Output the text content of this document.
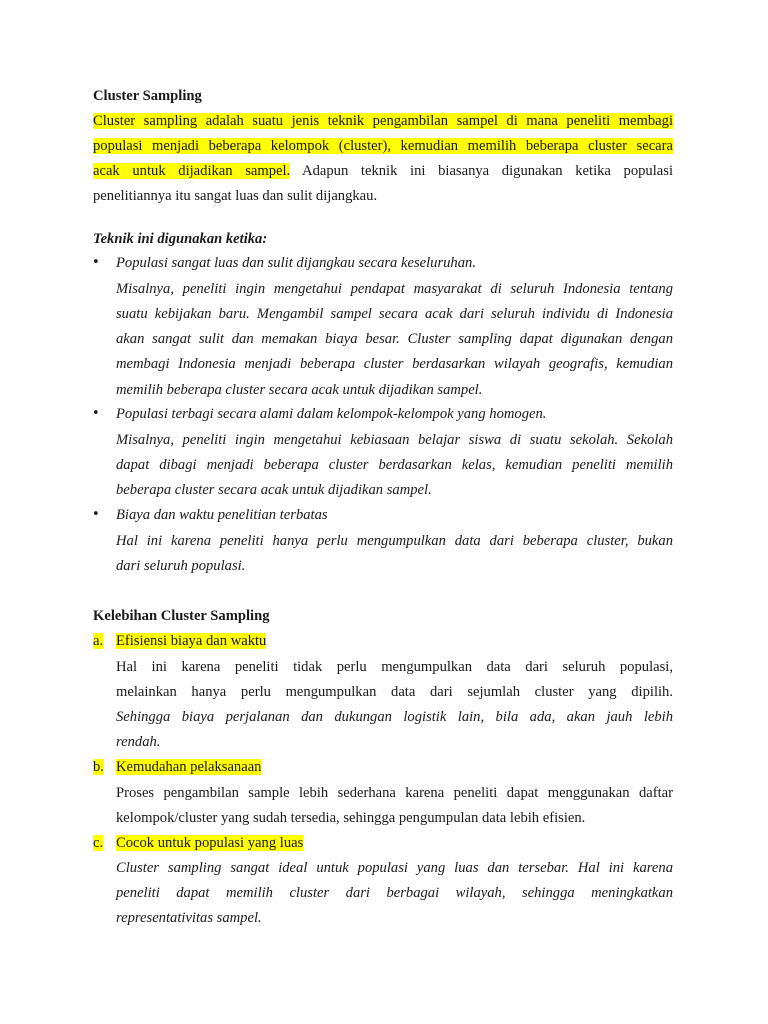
Cluster Sampling
Cluster sampling adalah suatu jenis teknik pengambilan sampel di mana peneliti membagi
populasi menjadi beberapa kelompok (cluster), kemudian memilih beberapa cluster secara
acak untuk dijadikan sampel. Adapun teknik ini biasanya digunakan ketika populasi
penelitiannya itu sangat luas dan sulit dijangkau.
Teknik ini digunakan ketika:
• Populasi sangat luas dan sulit dijangkau secara keseluruhan.
Misalnya, peneliti ingin mengetahui pendapat masyarakat di seluruh Indonesia tentang
suatu kebijakan baru. Mengambil sampel secara acak dari seluruh individu di Indonesia
akan sangat sulit dan memakan biaya besar. Cluster sampling dapat digunakan dengan
membagi Indonesia menjadi beberapa cluster berdasarkan wilayah geografis, kemudian
memilih beberapa cluster secara acak untuk dijadikan sampel.
• Populasi terbagi secara alami dalam kelompok-kelompok yang homogen.
Misalnya, peneliti ingin mengetahui kebiasaan belajar siswa di suatu sekolah. Sekolah
dapat dibagi menjadi beberapa cluster berdasarkan kelas, kemudian peneliti memilih
beberapa cluster secara acak untuk dijadikan sampel.
• Biaya dan waktu penelitian terbatas
Hal ini karena peneliti hanya perlu mengumpulkan data dari beberapa cluster, bukan
dari seluruh populasi.
Kelebihan Cluster Sampling
a. Efisiensi biaya dan waktu
Hal ini karena peneliti tidak perlu mengumpulkan data dari seluruh populasi,
melainkan hanya perlu mengumpulkan data dari sejumlah cluster yang dipilih.
Sehingga biaya perjalanan dan dukungan logistik lain, bila ada, akan jauh lebih
rendah.
b. Kemudahan pelaksanaan
Proses pengambilan sample lebih sederhana karena peneliti dapat menggunakan daftar
kelompok/cluster yang sudah tersedia, sehingga pengumpulan data lebih efisien.
c. Cocok untuk populasi yang luas
Cluster sampling sangat ideal untuk populasi yang luas dan tersebar. Hal ini karena
peneliti dapat memilih cluster dari berbagai wilayah, sehingga meningkatkan
representativitas sampel.
